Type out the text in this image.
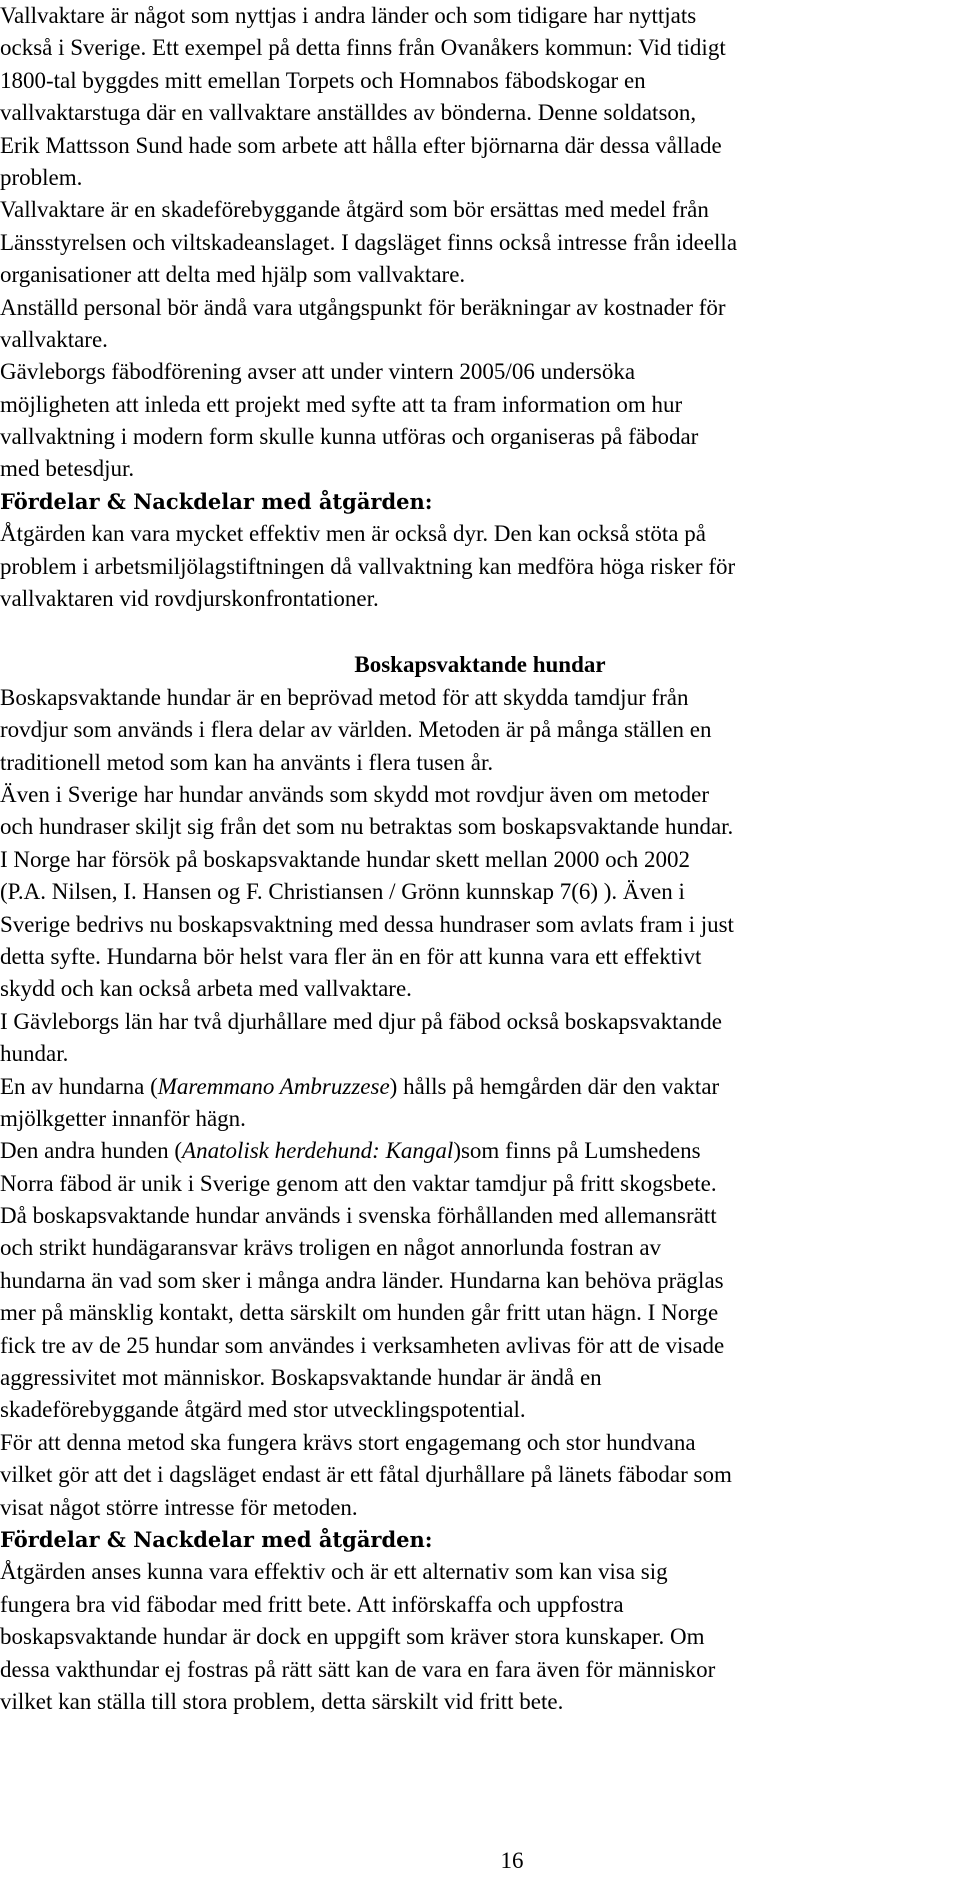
Vallvaktare är något som nyttjas i andra länder och som tidigare har nyttjats
också i Sverige. Ett exempel på detta finns från Ovanåkers kommun: Vid tidigt
1800-tal byggdes mitt emellan Torpets och Homnabos fäbodskogar en
vallvaktarstuga där en vallvaktare anställdes av bönderna. Denne soldatson,
Erik Mattsson Sund hade som arbete att hålla efter björnarna där dessa vållade
problem.
Vallvaktare är en skadeförebyggande åtgärd som bör ersättas med medel från
Länsstyrelsen och viltskadeanslaget. I dagsläget finns också intresse från ideella
organisationer att delta med hjälp som vallvaktare.
Anställd personal bör ändå vara utgångspunkt för beräkningar av kostnader för
vallvaktare.
Gävleborgs fäbodförening avser att under vintern 2005/06 undersöka
möjligheten att inleda ett projekt med syfte att ta fram information om hur
vallvaktning i modern form skulle kunna utföras och organiseras på fäbodar
med betesdjur.
Fördelar & Nackdelar med åtgärden:
Åtgärden kan vara mycket effektiv men är också dyr. Den kan också stöta på
problem i arbetsmiljölagstiftningen då vallvaktning kan medföra höga risker för
vallvaktaren vid rovdjurskonfrontationer.
Boskapsvaktande hundar
Boskapsvaktande hundar är en beprövad metod för att skydda tamdjur från
rovdjur som används i flera delar av världen. Metoden är på många ställen en
traditionell metod som kan ha använts i flera tusen år.
Även i Sverige har hundar används som skydd mot rovdjur även om metoder
och hundraser skiljt sig från det som nu betraktas som boskapsvaktande hundar.
I Norge har försök på boskapsvaktande hundar skett mellan 2000 och 2002
(P.A. Nilsen, I. Hansen og F. Christiansen / Grönn kunnskap 7(6) ). Även i
Sverige bedrivs nu boskapsvaktning med dessa hundraser som avlats fram i just
detta syfte. Hundarna bör helst vara fler än en för att kunna vara ett effektivt
skydd och kan också arbeta med vallvaktare.
I Gävleborgs län har två djurhållare med djur på fäbod också boskapsvaktande
hundar.
En av hundarna (Maremmano Ambruzzese) hålls på hemgården där den vaktar
mjölkgetter innanför hägn.
Den andra hunden (Anatolisk herdehund: Kangal)som finns på Lumshedens
Norra fäbod är unik i Sverige genom att den vaktar tamdjur på fritt skogsbete.
Då boskapsvaktande hundar används i svenska förhållanden med allemansrätt
och strikt hundägaransvar krävs troligen en något annorlunda fostran av
hundarna än vad som sker i många andra länder. Hundarna kan behöva präglas
mer på mänsklig kontakt, detta särskilt om hunden går fritt utan hägn. I Norge
fick tre av de 25 hundar som användes i verksamheten avlivas för att de visade
aggressivitet mot människor. Boskapsvaktande hundar är ändå en
skadeförebyggande åtgärd med stor utvecklingspotential.
För att denna metod ska fungera krävs stort engagemang och stor hundvana
vilket gör att det i dagsläget endast är ett fåtal djurhållare på länets fäbodar som
visat något större intresse för metoden.
Fördelar & Nackdelar med åtgärden:
Åtgärden anses kunna vara effektiv och är ett alternativ som kan visa sig
fungera bra vid fäbodar med fritt bete. Att införskaffa och uppfostra
boskapsvaktande hundar är dock en uppgift som kräver stora kunskaper. Om
dessa vakthundar ej fostras på rätt sätt kan de vara en fara även för människor
vilket kan ställa till stora problem, detta särskilt vid fritt bete.
16
